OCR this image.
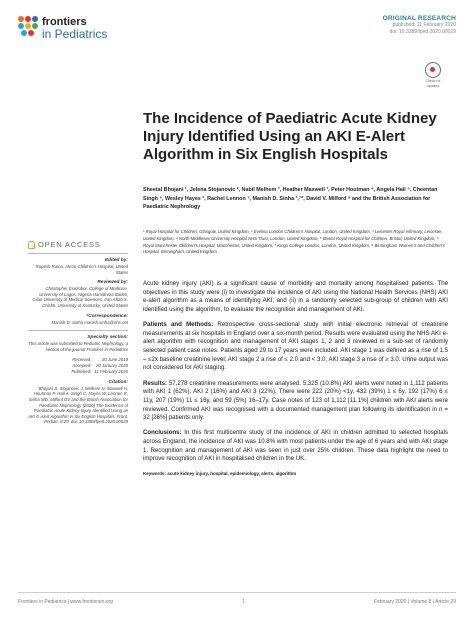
frontiers
in Pediatrics
ORIGINAL RESEARCH
published: 11 February 2020
doi: 10.3389/fped.2020.00029
Check for
updates
The Incidence of Paediatric Acute Kidney Injury Identified Using an AKI E-Alert Algorithm in Six English Hospitals
Sheetal Bhojani ¹, Jelena Stojanovic ², Nabil Melhem ³, Heather Maxwell ¹, Peter Houtman ⁴, Angela Hall ⁵, Cheentan Singh ⁶, Wesley Hayes ², Rachel Lennon ⁷, Manish D. Sinha ³,⁷*, David V. Milford ⁸ and the British Association for Paediatric Nephrology
¹ Royal Hospital for Children, Glasgow, United Kingdom, ² Evelina London Children's Hospital, London, United Kingdom, ³ Leicester Royal Infirmary, Leicester, United Kingdom, ⁴ North Middlesex University Hospital NHS Trust, London, United Kingdom, ⁵ Bristol Royal Hospital for Children, Bristol, United Kingdom, ⁶ Royal Manchester Children's Hospital, Manchester, United Kingdom, ⁷ Kings College London, London, United Kingdom, ⁸ Birmingham Women's and Children's Hospital, Birmingham, United Kingdom
OPEN ACCESS
Edited by:
Rupesh Raina, Akron Children's Hospital, United States
Reviewed by:
Christopher Esezobor, College of Medicine, University of Lagos, Nigeria Hamidreza Badeli, Gilan University of Medical Sciences, Iran Aftab S. Chishti, University of Kentucky, United States
*Correspondence:
Manish D. Sinha manish.sinha@nhs.net
Specialty section:
This article was submitted to Pediatric Nephrology, a section of the journal Frontiers in Pediatrics
Received:	30 June 2019
Accepted:	20 January 2020
Published: 11 February 2020
Citation:
Bhojani S, Stojanovic J, Melhem N, Maxwell H, Houtman P, Hall A, Singh C, Hayes W, Lennon R, Sinha MD, Milford DV and the British Association for Paediatric Nephrology (2020) The Incidence of Paediatric Acute Kidney Injury Identified Using an AKI E-Alert Algorithm in Six English Hospitals. Front. Pediatr. 8:29. doi: 10.3389/fped.2020.00029

Acute kidney injury (AKI) is a significant cause of morbidity and mortality among hospitalised patients. The objectives in this study were (i) to investigate the incidence of AKI using the National Health Services (NHS) AKI e-alert algorithm as a means of identifying AKI; and (ii) in a randomly selected sub-group of children with AKI identified using the algorithm, to evaluate the recognition and management of AKI.

Patients and Methods: Retrospective cross-sectional study with initial electronic retrieval of creatinine measurements at six hospitals in England over a six-month period. Results were evaluated using the NHS AKI e-alert algorithm with recognition and management of AKI stages 1, 2 and 3 reviewed in a sub-set of randomly selected patient case notes. Patients aged 29 to 17 years were included. AKI stage 1 was defined as a rise of 1.5 – ≤2x baseline creatinine level; AKI stage 2 a rise of ≤ 2.0 and < 3.0; AKI stage 3 a rise of ≥ 3.0. Urine output was not considered for AKI staging.

Results: 57,278 creatinine measurements were analysed. 5,325 (10.8%) AKI alerts were noted in 1,112 patients with AKI 1 (62%), AKI 2 (16%) and AKI 3 (22%). There were 222 (20%) <1y, 432 (39%) 1 ≤ 6y, 192 (17%) 6 ≤ 11y, 207 (19%) 11 ≤ 16y, and 59 (5%) 16–17y. Case notes of 123 of 1,112 [11.1%] children with AKI alerts were reviewed. Confirmed AKI was recognised with a documented management plan following its identification in n = 32 [26%] patients only.

Conclusions: In this first multicentre study of the incidence of AKI in children admitted to selected hospitals across England, the incidence of AKI was 10.8% with most patients under the age of 6 years and with AKI stage 1. Recognition and management of AKI was seen in just over 25% children. These data highlight the need to improve recognition of AKI in hospitalised children in the UK.

Keywords: acute kidney injury, hospital, epidemiology, alerts, algorithm
Frontiers in Pediatrics | www.frontiersin.org	1	February 2020 | Volume 8 | Article 29
